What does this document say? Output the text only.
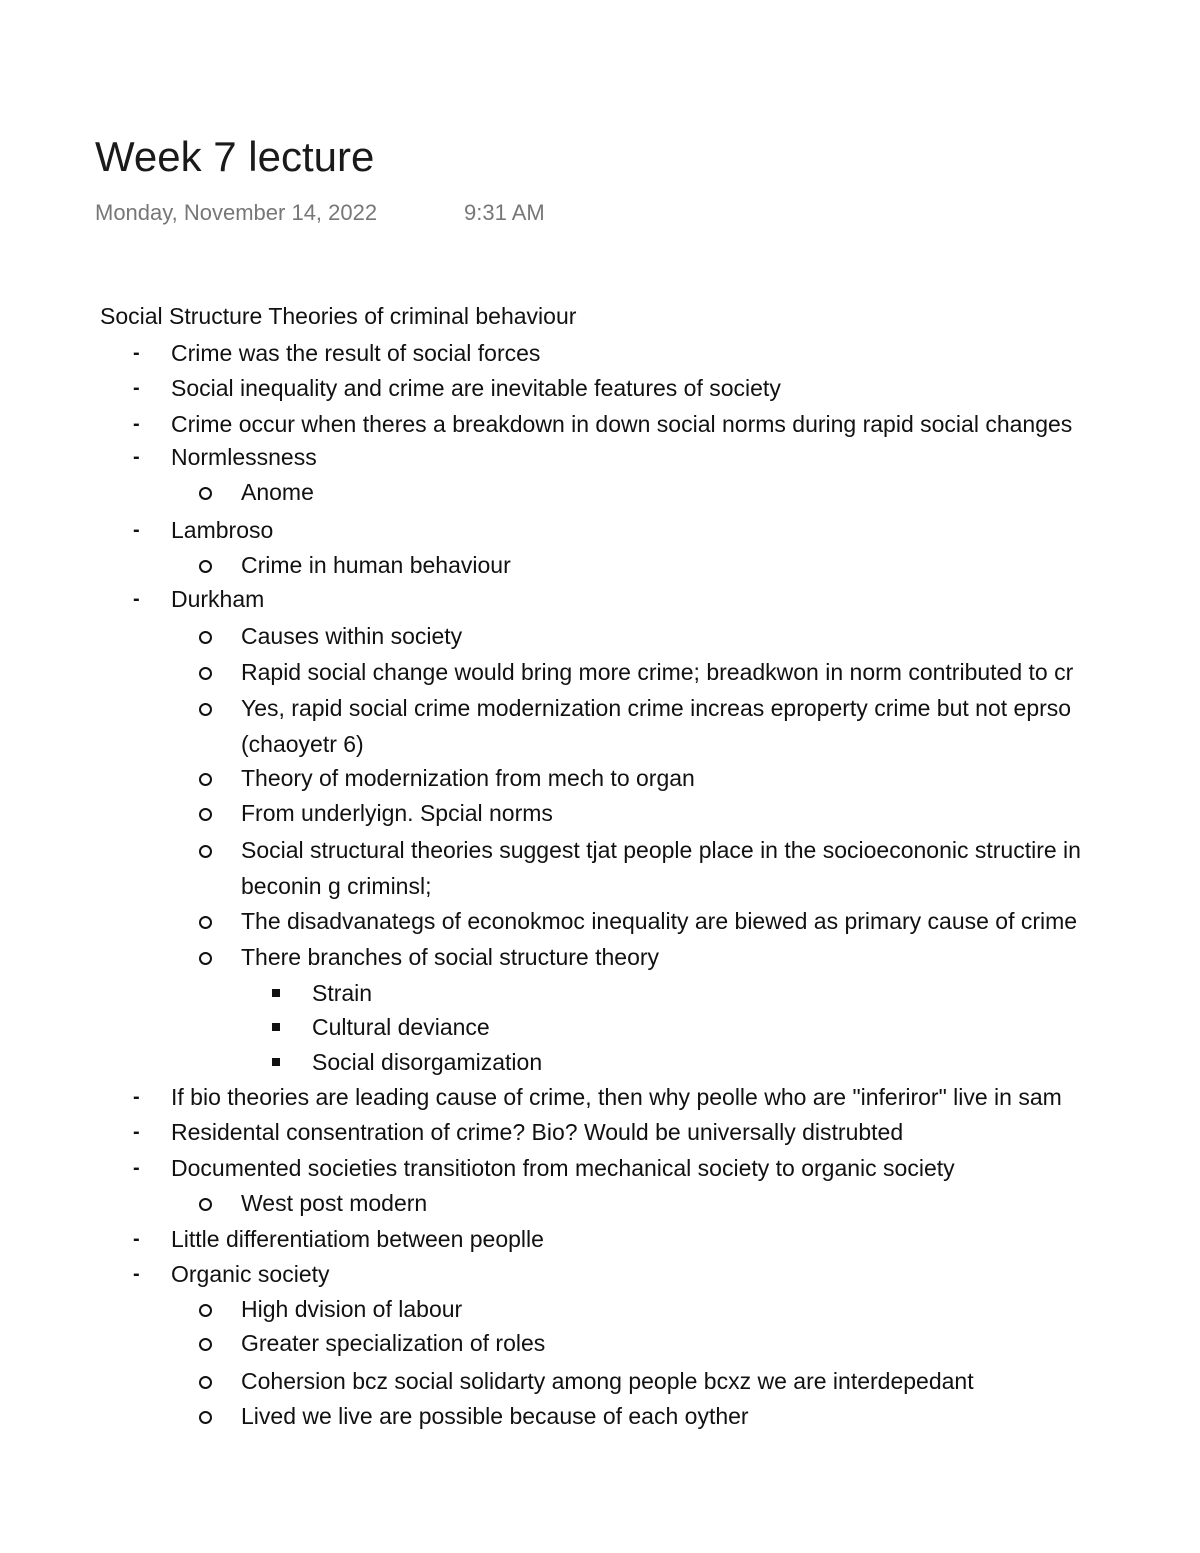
Week 7 lecture
Monday, November 14, 2022	9:31 AM
Social Structure Theories of criminal behaviour
- Crime was the result of social forces
- Social inequality and crime are inevitable features of society
- Crime occur when theres a breakdown in down social norms during rapid social changes
- Normlessness
Anome
- Lambroso
Crime in human behaviour
- Durkham
Causes within society
Rapid social change would bring more crime; breadkwon in norm contributed to cr
Yes, rapid social crime modernization crime increas eproperty crime but not eprso
(chaoyetr 6)
Theory of modernization from mech to organ
From underlyign. Spcial norms
Social structural theories suggest tjat people place in the socioecononic structire in
beconin g criminsl;
The disadvanategs of econokmoc inequality are biewed as primary cause of crime
There branches of social structure theory
Strain
Cultural deviance
Social disorgamization
- If bio theories are leading cause of crime, then why peolle who are "inferiror" live in sam
- Residental consentration of crime? Bio? Would be universally distrubted
- Documented societies transitioton from mechanical society to organic society
West post modern
- Little differentiatiom between peoplle
- Organic society
High dvision of labour
Greater specialization of roles
Cohersion bcz social solidarty among people bcxz we are interdepedant
Lived we live are possible because of each oyther
